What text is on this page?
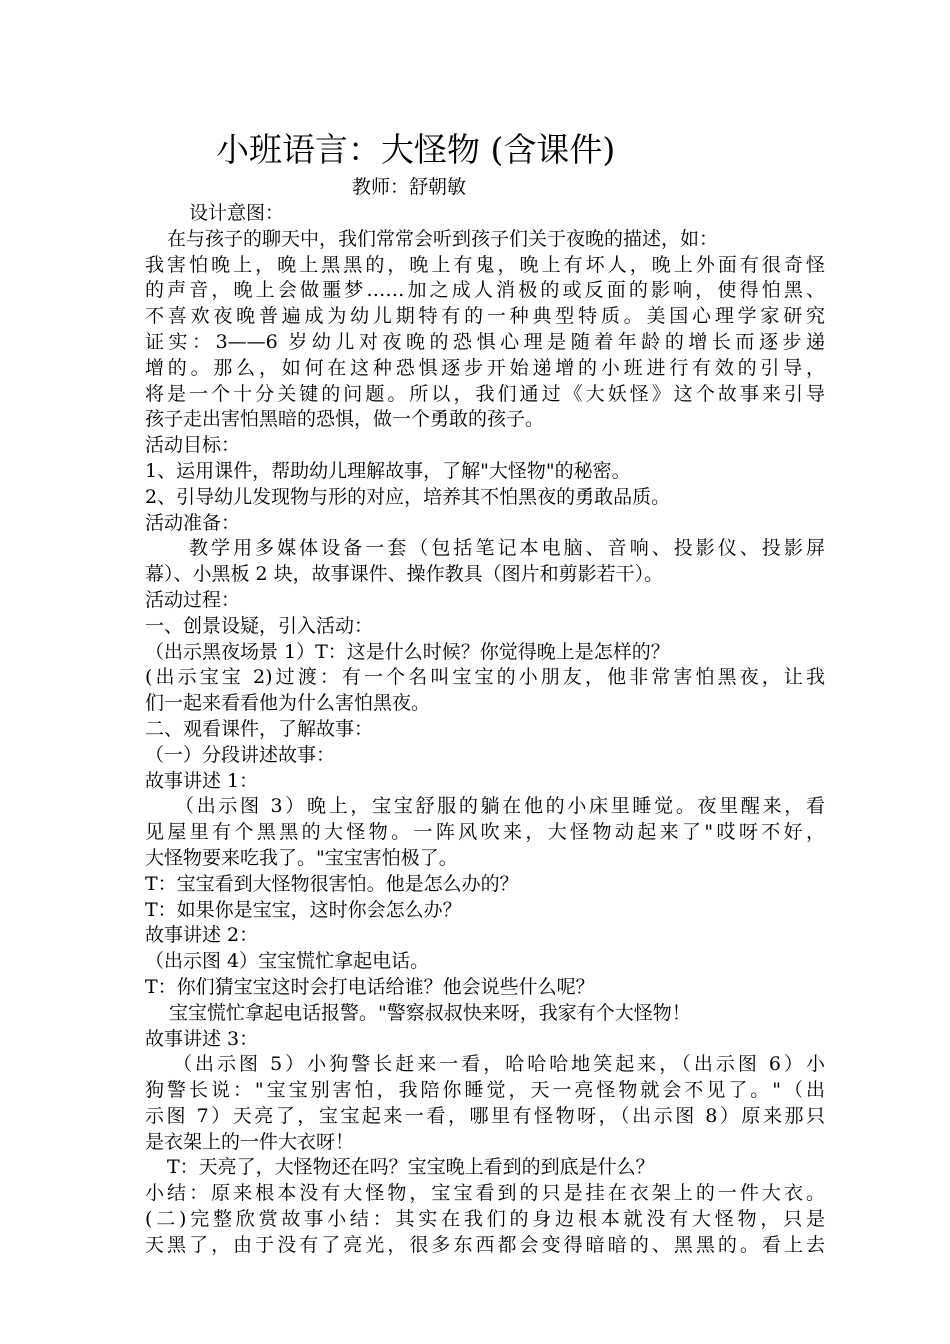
小班语言：大怪物 (含课件)
教师：舒朝敏
设计意图：
在与孩子的聊天中，我们常常会听到孩子们关于夜晚的描述，如：
我害怕晚上，晚上黑黑的，晚上有鬼，晚上有坏人，晚上外面有很奇怪
的声音，晚上会做噩梦……加之成人消极的或反面的影响，使得怕黑、
不喜欢夜晚普遍成为幼儿期特有的一种典型特质。美国心理学家研究
证实：3——6 岁幼儿对夜晚的恐惧心理是随着年龄的增长而逐步递
增的。那么，如何在这种恐惧逐步开始递增的小班进行有效的引导，
将是一个十分关键的问题。所以，我们通过《大妖怪》这个故事来引导
孩子走出害怕黑暗的恐惧，做一个勇敢的孩子。
活动目标：
1、运用课件，帮助幼儿理解故事，了解"大怪物"的秘密。
2、引导幼儿发现物与形的对应，培养其不怕黑夜的勇敢品质。
活动准备：
教学用多媒体设备一套（包括笔记本电脑、音响、投影仪、投影屏
幕）、小黑板 2 块，故事课件、操作教具（图片和剪影若干）。
活动过程：
一、创景设疑，引入活动：
（出示黑夜场景 1）T：这是什么时候？你觉得晚上是怎样的？
(出示宝宝 2)过渡：有一个名叫宝宝的小朋友，他非常害怕黑夜，让我
们一起来看看他为什么害怕黑夜。
二、观看课件，了解故事：
（一）分段讲述故事：
故事讲述 1：
（出示图 3）晚上，宝宝舒服的躺在他的小床里睡觉。夜里醒来，看
见屋里有个黑黑的大怪物。一阵风吹来，大怪物动起来了"哎呀不好，
大怪物要来吃我了。"宝宝害怕极了。
T：宝宝看到大怪物很害怕。他是怎么办的？
T：如果你是宝宝，这时你会怎么办？
故事讲述 2：
（出示图 4）宝宝慌忙拿起电话。
T：你们猜宝宝这时会打电话给谁？他会说些什么呢？
宝宝慌忙拿起电话报警。"警察叔叔快来呀，我家有个大怪物！
故事讲述 3：
（出示图 5）小狗警长赶来一看，哈哈哈地笑起来，（出示图 6）小
狗警长说："宝宝别害怕，我陪你睡觉，天一亮怪物就会不见了。"（出
示图 7）天亮了，宝宝起来一看，哪里有怪物呀，（出示图 8）原来那只
是衣架上的一件大衣呀！
T：天亮了，大怪物还在吗？宝宝晚上看到的到底是什么？
小结：原来根本没有大怪物，宝宝看到的只是挂在衣架上的一件大衣。
(二)完整欣赏故事小结：其实在我们的身边根本就没有大怪物，只是
天黑了，由于没有了亮光，很多东西都会变得暗暗的、黑黑的。看上去
